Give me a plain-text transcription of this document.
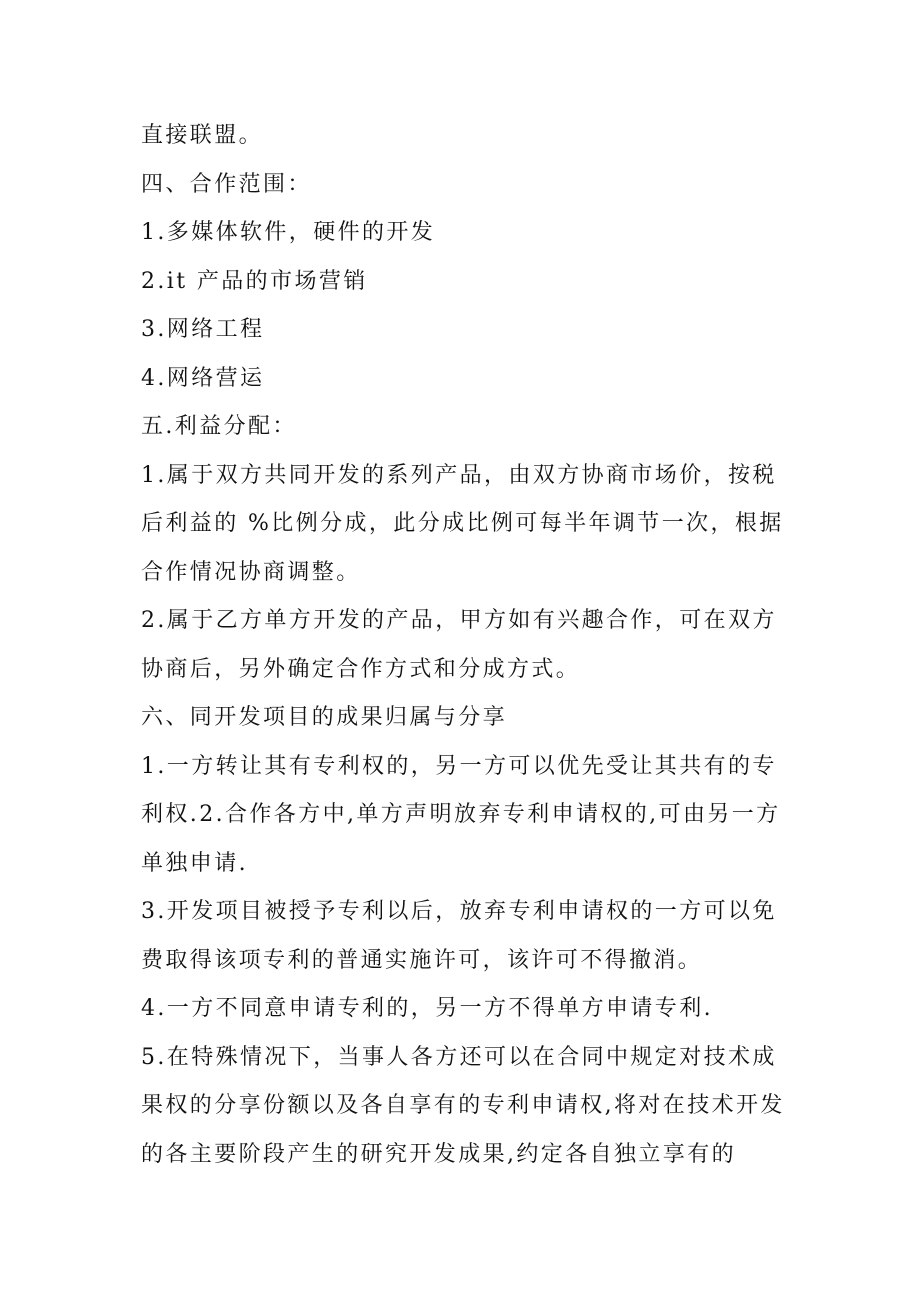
直接联盟。

四、合作范围：

1.多媒体软件，硬件的开发

2.it 产品的市场营销

3.网络工程

4.网络营运

五.利益分配：

1.属于双方共同开发的系列产品，由双方协商市场价，按税后利益的 %比例分成，此分成比例可每半年调节一次，根据合作情况协商调整。

2.属于乙方单方开发的产品，甲方如有兴趣合作，可在双方协商后，另外确定合作方式和分成方式。

六、同开发项目的成果归属与分享

1.一方转让其有专利权的，另一方可以优先受让其共有的专利权.2.合作各方中,单方声明放弃专利申请权的,可由另一方单独申请.

3.开发项目被授予专利以后，放弃专利申请权的一方可以免费取得该项专利的普通实施许可，该许可不得撤消。

4.一方不同意申请专利的，另一方不得单方申请专利.

5.在特殊情况下，当事人各方还可以在合同中规定对技术成果权的分享份额以及各自享有的专利申请权,将对在技术开发的各主要阶段产生的研究开发成果,约定各自独立享有的
